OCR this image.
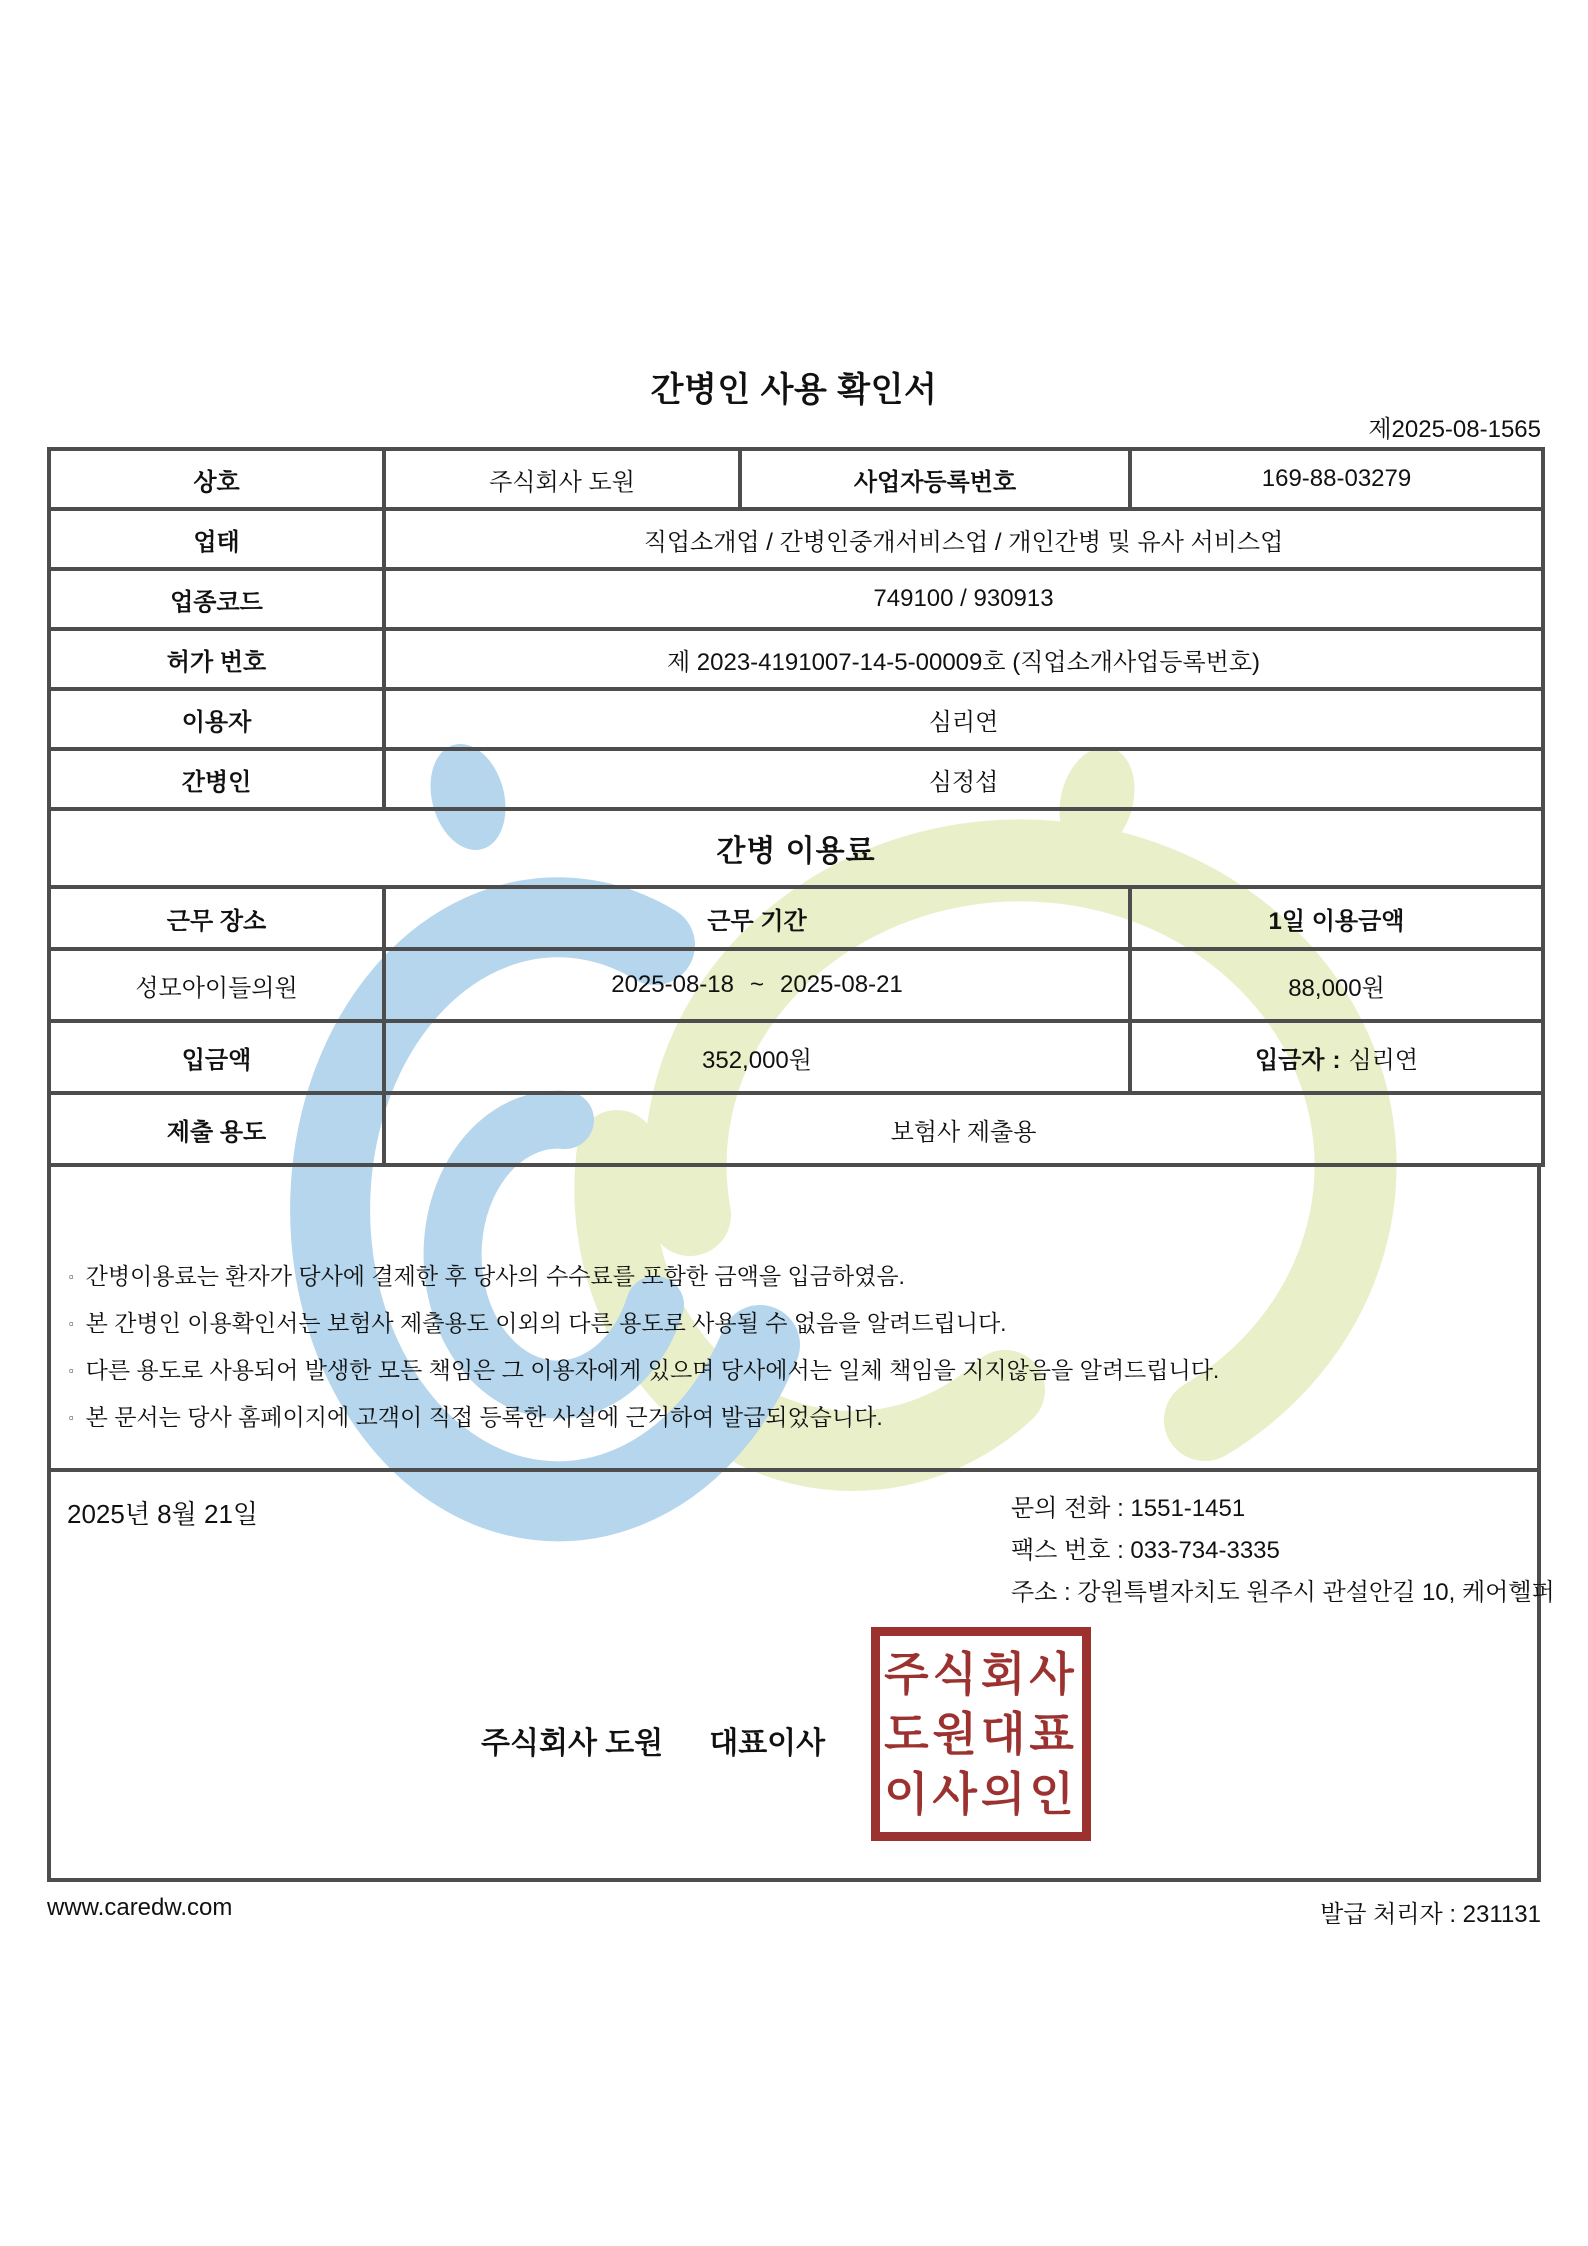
간병인 사용 확인서
제2025-08-1565
상호	주식회사 도원	사업자등록번호	169-88-03279
업태	직업소개업 / 간병인중개서비스업 / 개인간병 및 유사 서비스업		
업종코드	749100 / 930913		
허가 번호	제 2023-4191007-14-5-00009호 (직업소개사업등록번호)		
이용자	심리연		
간병인	심정섭		
간병 이용료			
근무 장소	근무 기간		1일 이용금액
성모아이들의원	2025-08-18 ~ 2025-08-21		88,000원
입금액	352,000원		입금자 : 심리연
제출 용도	보험사 제출용		
▫ 간병이용료는 환자가 당사에 결제한 후 당사의 수수료를 포함한 금액을 입금하였음.
▫ 본 간병인 이용확인서는 보험사 제출용도 이외의 다른 용도로 사용될 수 없음을 알려드립니다.
▫ 다른 용도로 사용되어 발생한 모든 책임은 그 이용자에게 있으며 당사에서는 일체 책임을 지지않음을 알려드립니다.
▫ 본 문서는 당사 홈페이지에 고객이 직접 등록한 사실에 근거하여 발급되었습니다.
2025년 8월 21일	문의 전화 : 1551-1451
팩스 번호 : 033-734-3335
주소 : 강원특별자치도 원주시 관설안길 10, 케어헬퍼
주식회사 도원 대표이사
주식회사
도원대표
이사의인
www.caredw.com	발급 처리자 : 231131
